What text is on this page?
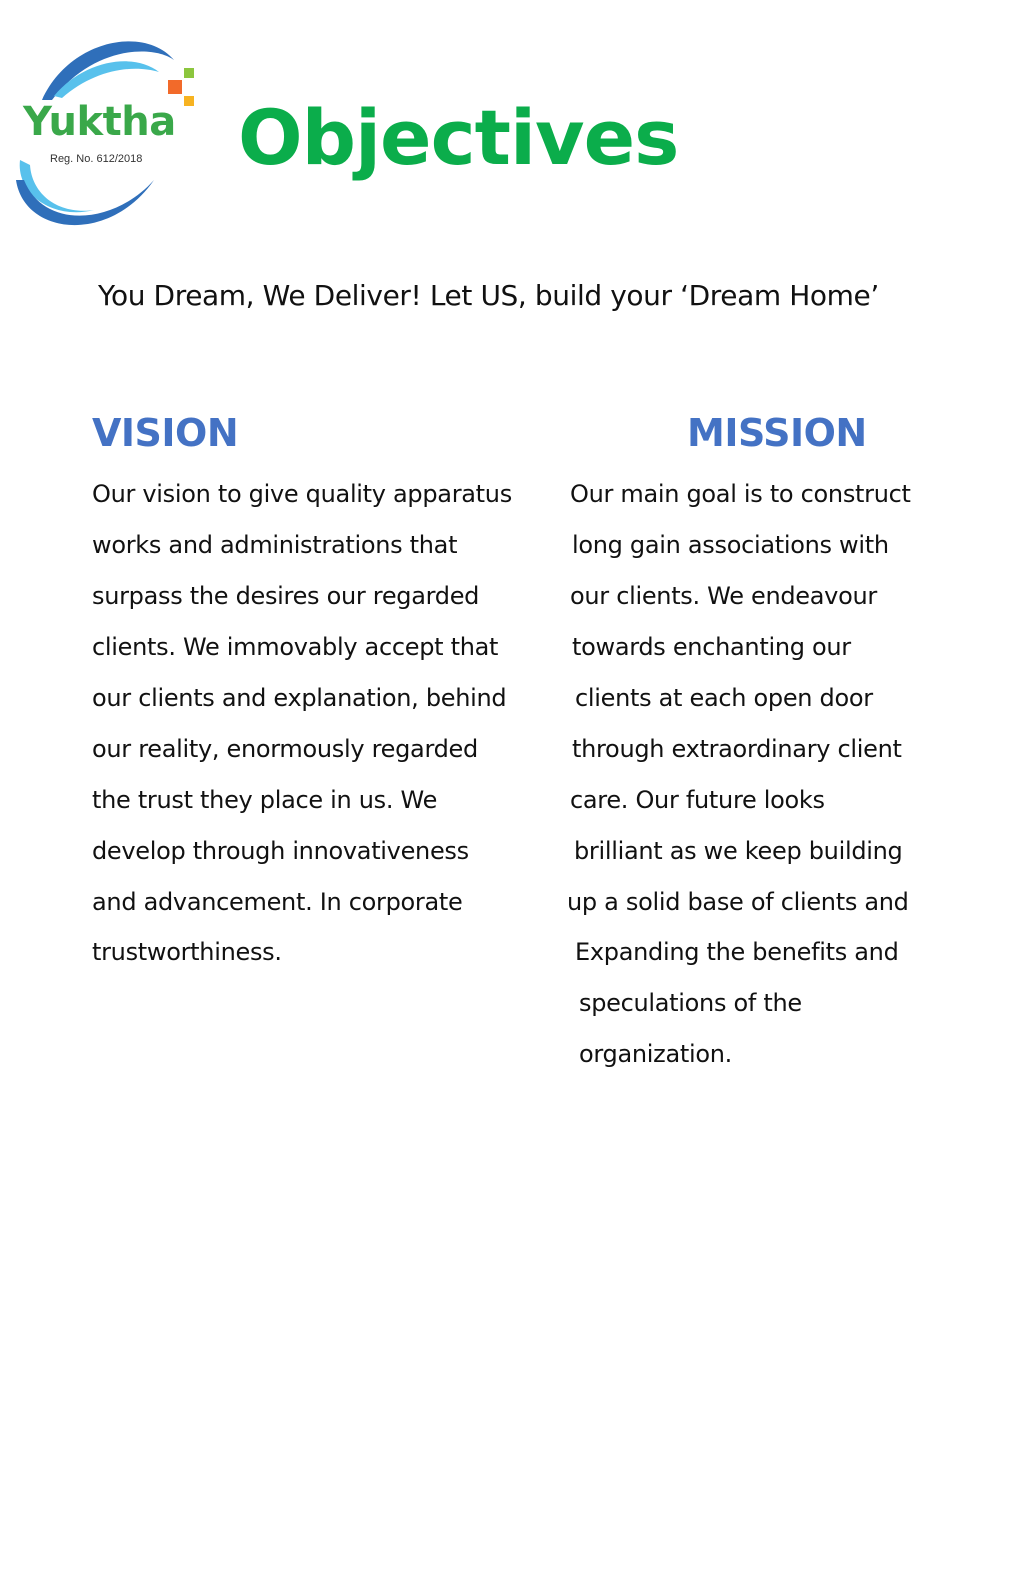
Yuktha
Reg. No. 612/2018 Objectives
You Dream, We Deliver! Let US, build your ‘Dream Home’
VISION	MISSION
Our vision to give quality apparatus
works and administrations that
surpass the desires our regarded
clients. We immovably accept that
our clients and explanation, behind
our reality, enormously regarded
the trust they place in us. We
develop through innovativeness
and advancement. In corporate
trustworthiness.
Our main goal is to construct
long gain associations with
our clients. We endeavour
towards enchanting our
clients at each open door
through extraordinary client
care. Our future looks
brilliant as we keep building
up a solid base of clients and
Expanding the benefits and
speculations of the
organization.
